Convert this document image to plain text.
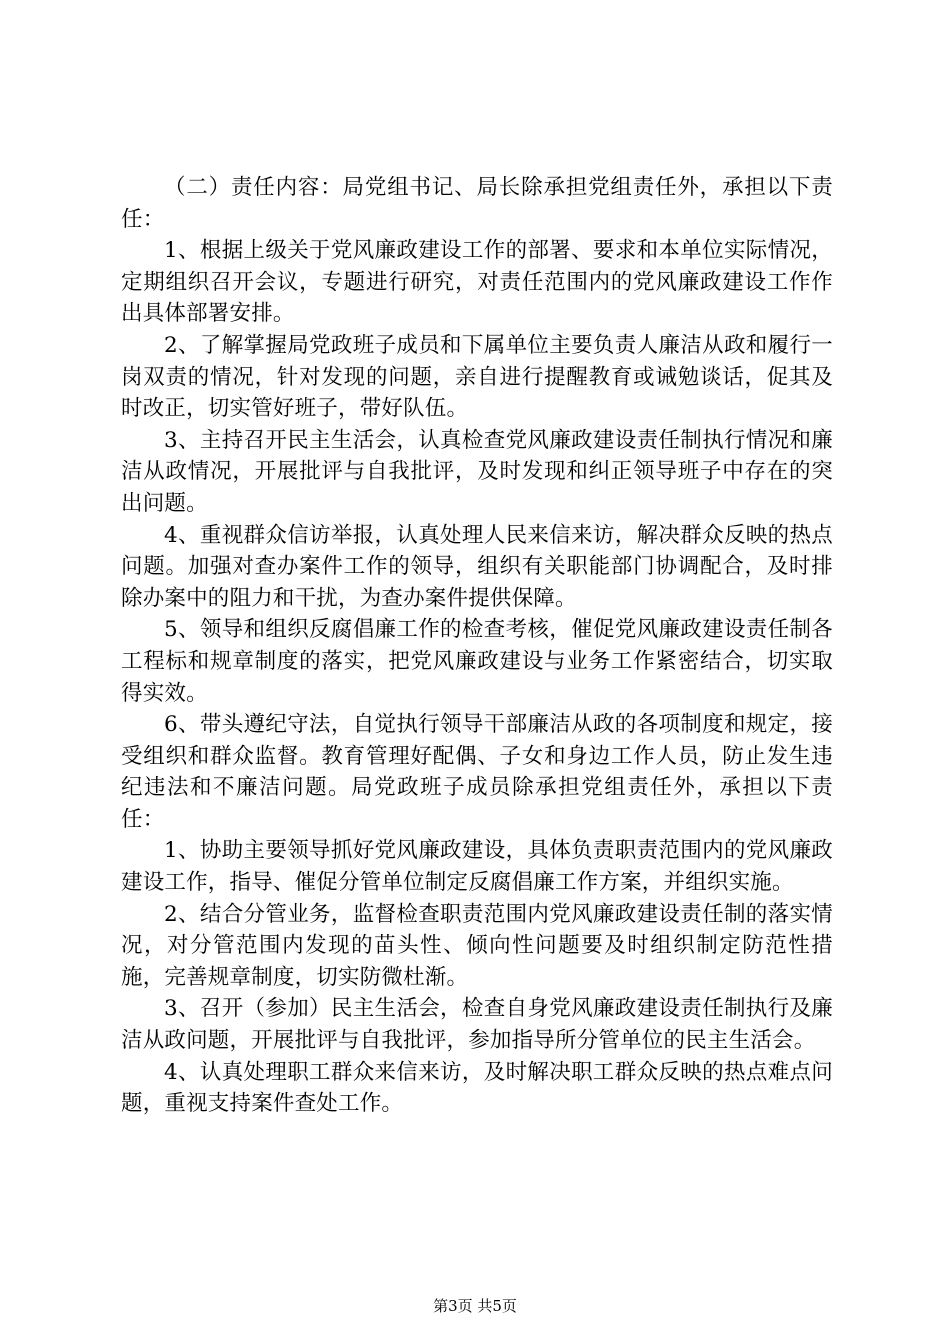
（二）责任内容：局党组书记、局长除承担党组责任外，承担以下责任：

1、根据上级关于党风廉政建设工作的部署、要求和本单位实际情况，定期组织召开会议，专题进行研究，对责任范围内的党风廉政建设工作作出具体部署安排。

2、了解掌握局党政班子成员和下属单位主要负责人廉洁从政和履行一岗双责的情况，针对发现的问题，亲自进行提醒教育或诫勉谈话，促其及时改正，切实管好班子，带好队伍。

3、主持召开民主生活会，认真检查党风廉政建设责任制执行情况和廉洁从政情况，开展批评与自我批评，及时发现和纠正领导班子中存在的突出问题。

4、重视群众信访举报，认真处理人民来信来访，解决群众反映的热点问题。加强对查办案件工作的领导，组织有关职能部门协调配合，及时排除办案中的阻力和干扰，为查办案件提供保障。

5、领导和组织反腐倡廉工作的检查考核，催促党风廉政建设责任制各工程标和规章制度的落实，把党风廉政建设与业务工作紧密结合，切实取得实效。

6、带头遵纪守法，自觉执行领导干部廉洁从政的各项制度和规定，接受组织和群众监督。教育管理好配偶、子女和身边工作人员，防止发生违纪违法和不廉洁问题。局党政班子成员除承担党组责任外，承担以下责任：

1、协助主要领导抓好党风廉政建设，具体负责职责范围内的党风廉政建设工作，指导、催促分管单位制定反腐倡廉工作方案，并组织实施。

2、结合分管业务，监督检查职责范围内党风廉政建设责任制的落实情况，对分管范围内发现的苗头性、倾向性问题要及时组织制定防范性措施，完善规章制度，切实防微杜渐。

3、召开（参加）民主生活会，检查自身党风廉政建设责任制执行及廉洁从政问题，开展批评与自我批评，参加指导所分管单位的民主生活会。

4、认真处理职工群众来信来访，及时解决职工群众反映的热点难点问题，重视支持案件查处工作。

第3页 共5页
